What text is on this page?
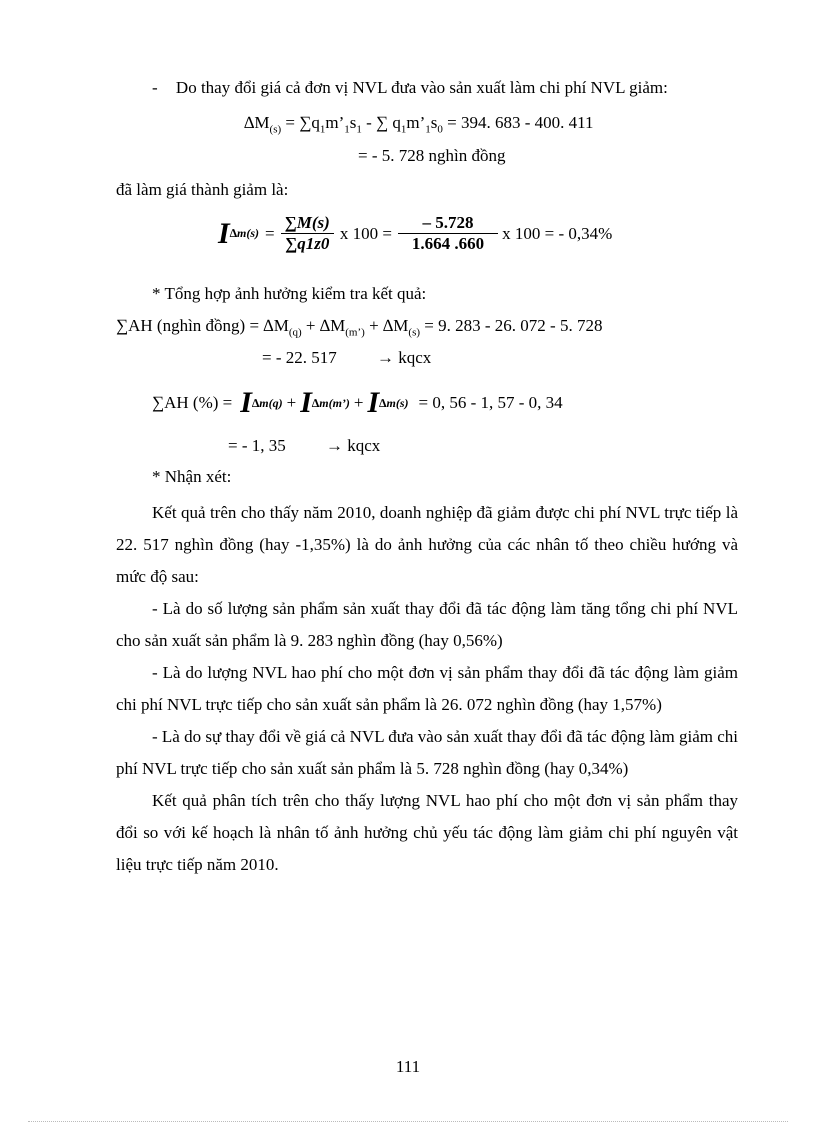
- Do thay đổi giá cả đơn vị NVL đưa vào sản xuất làm chi phí NVL giảm:
$\Delta M_{(s)}$ = $\sum q_1m’_1s_1$ - ∑ $q_1m’_1s_0 = 394$. 683 - 400. 411
= - 5. 728 nghìn đồng
đã làm giá thành giảm là:
I $\Delta m(s) = \frac{\sum M(s)}{\sum q1z0}$ x $100 = \frac{- 5.728}{1.664 .660}$ x 100 = - 0,34%
* Tổng hợp ảnh hưởng kiểm tra kết quả:
∑AH (nghìn đồng) = $\Delta M_{(q)} + \Delta M_{(m’)} + \Delta M_{(s)} = 9$. 283 - 26. 072 - 5. 728
= - 22. 517 → kqcx
∑AH (%) = I ∆m(q) + I ∆m(m’) + I ∆m(s) = 0, 56 - 1, 57 - 0, 34
= - 1, 35 → kqcx
* Nhận xét:

Kết quả trên cho thấy năm 2010, doanh nghiệp đã giảm được chi phí NVL trực tiếp là 22. 517 nghìn đồng (hay -1,35%) là do ảnh hưởng của các nhân tố theo chiều hướng và mức độ sau:

- Là do số lượng sản phẩm sản xuất thay đổi đã tác động làm tăng tổng chi phí NVL cho sản xuất sản phẩm là 9. 283 nghìn đồng (hay 0,56%)

- Là do lượng NVL hao phí cho một đơn vị sản phẩm thay đổi đã tác động làm giảm chi phí NVL trực tiếp cho sản xuất sản phẩm là 26. 072 nghìn đồng (hay 1,57%)

- Là do sự thay đổi về giá cả NVL đưa vào sản xuất thay đổi đã tác động làm giảm chi phí NVL trực tiếp cho sản xuất sản phẩm là 5. 728 nghìn đồng (hay 0,34%)

Kết quả phân tích trên cho thấy lượng NVL hao phí cho một đơn vị sản phẩm thay đổi so với kế hoạch là nhân tố ảnh hưởng chủ yếu tác động làm giảm chi phí nguyên vật liệu trực tiếp năm 2010.

111
